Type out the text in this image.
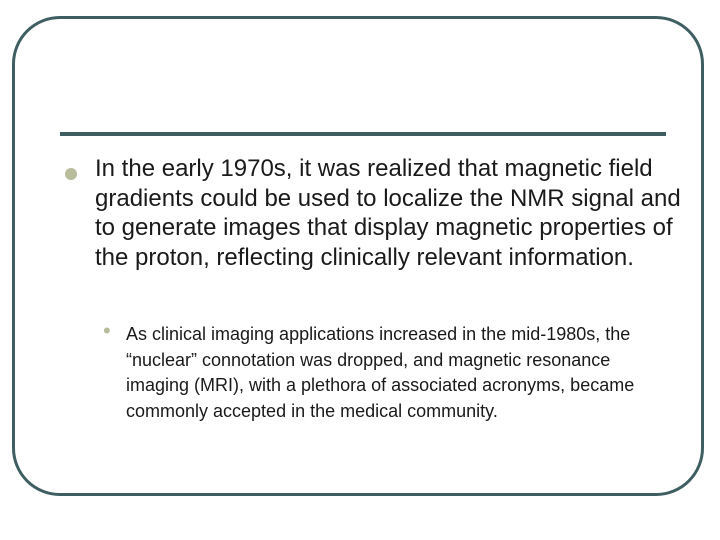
In the early 1970s, it was realized that magnetic field gradients could be used to localize the NMR signal and to generate images that display magnetic properties of the proton, reflecting clinically relevant information.

• As clinical imaging applications increased in the mid-1980s, the “nuclear” connotation was dropped, and magnetic resonance imaging (MRI), with a plethora of associated acronyms, became commonly accepted in the medical community.
